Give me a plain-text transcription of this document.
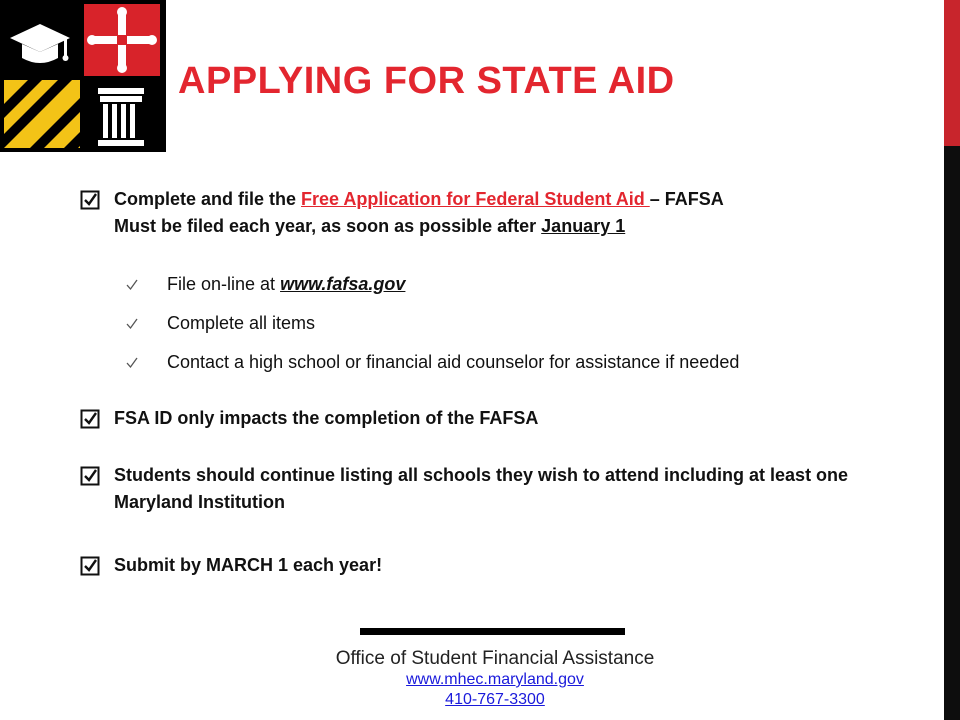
APPLYING FOR STATE AID
Complete and file the Free Application for Federal Student Aid – FAFSA
Must be filed each year, as soon as possible after January 1
File on-line at www.fafsa.gov
Complete all items
Contact a high school or financial aid counselor for assistance if needed
FSA ID only impacts the completion of the FAFSA
Students should continue listing all schools they wish to attend including at least one Maryland Institution
Submit by MARCH 1 each year!
Office of Student Financial Assistance
www.mhec.maryland.gov
410-767-3300
